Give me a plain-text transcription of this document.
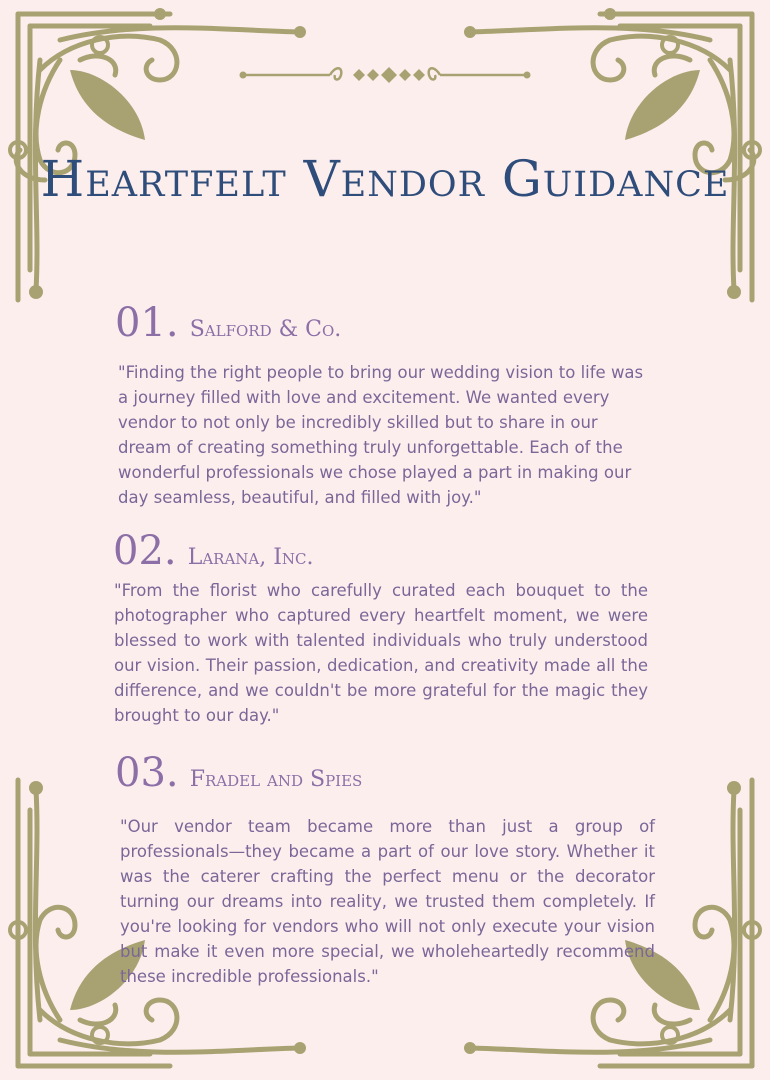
Heartfelt Vendor Guidance
01. Salford & Co.
"Finding the right people to bring our wedding vision to life was a journey filled with love and excitement. We wanted every vendor to not only be incredibly skilled but to share in our dream of creating something truly unforgettable. Each of the wonderful professionals we chose played a part in making our day seamless, beautiful, and filled with joy."
02. Larana, Inc.
"From the florist who carefully curated each bouquet to the photographer who captured every heartfelt moment, we were blessed to work with talented individuals who truly understood our vision. Their passion, dedication, and creativity made all the difference, and we couldn't be more grateful for the magic they brought to our day."
03. Fradel and Spies
"Our vendor team became more than just a group of professionals—they became a part of our love story. Whether it was the caterer crafting the perfect menu or the decorator turning our dreams into reality, we trusted them completely. If you're looking for vendors who will not only execute your vision but make it even more special, we wholeheartedly recommend these incredible professionals."
